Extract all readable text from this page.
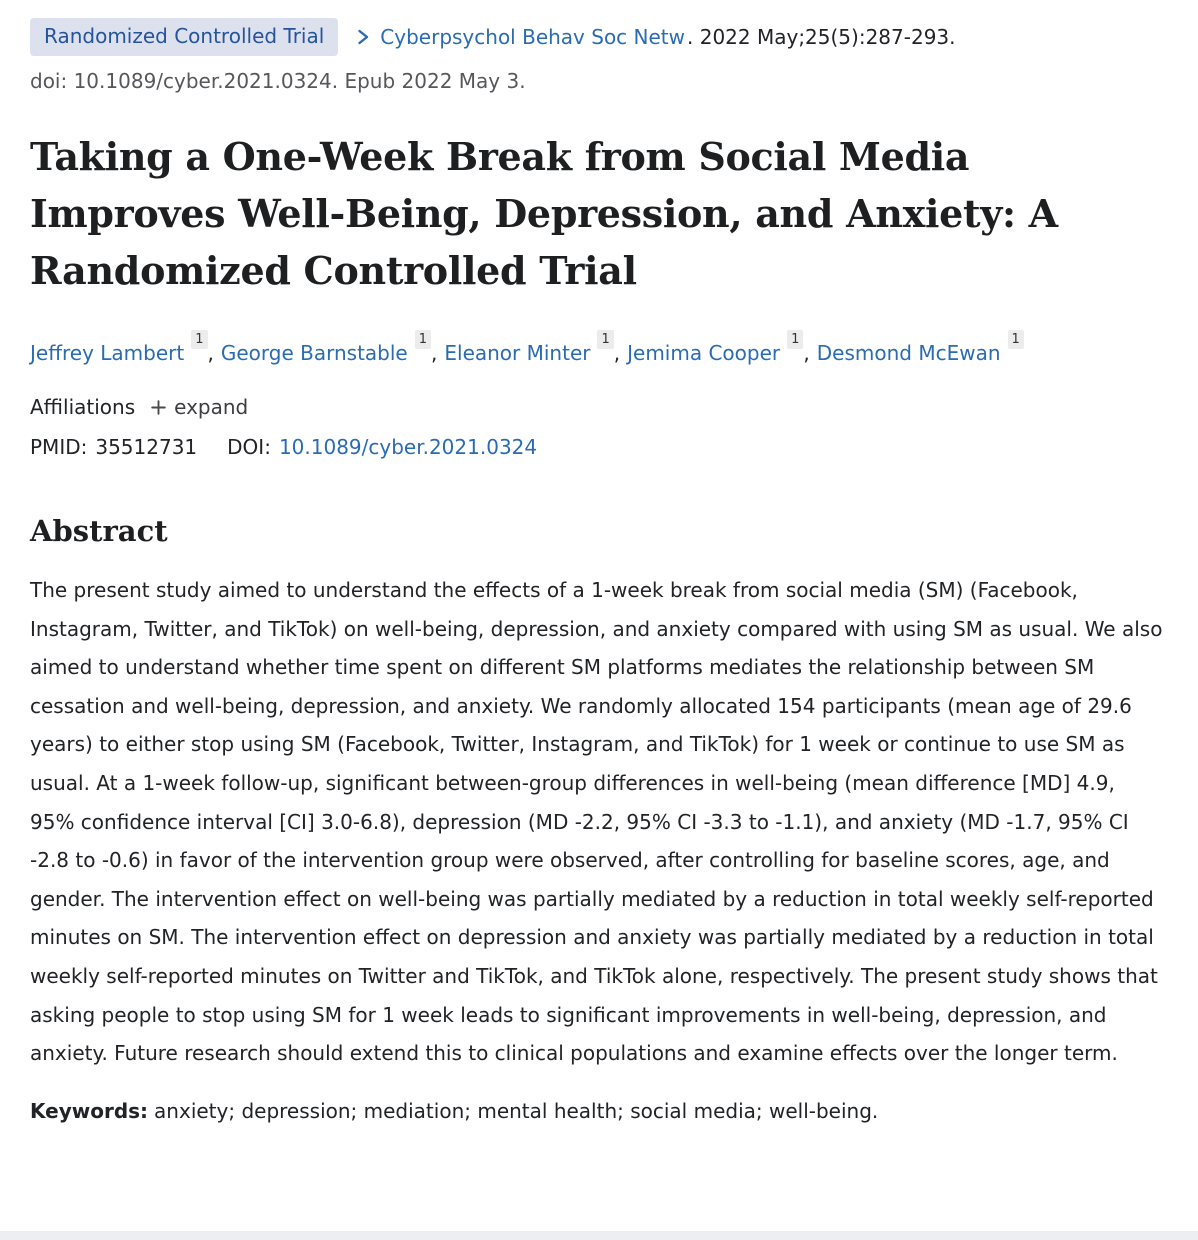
Randomized Controlled Trial	Cyberpsychol Behav Soc Netw . 2022 May;25(5):287-293.
doi: 10.1089/cyber.2021.0324. Epub 2022 May 3.
Taking a One-Week Break from Social Media Improves Well-Being, Depression, and Anxiety: A Randomized Controlled Trial
Jeffrey Lambert$^1$, George Barnstable$^1$, Eleanor Minter$^1$, Jemima Cooper$^1$, Desmond McEwan$^1$
Affiliations expand
PMID: 35512731 DOI: 10.1089/cyber.2021.0324
Abstract

The present study aimed to understand the effects of a 1-week break from social media (SM) (Facebook, Instagram, Twitter, and TikTok) on well-being, depression, and anxiety compared with using SM as usual. We also aimed to understand whether time spent on different SM platforms mediates the relationship between SM cessation and well-being, depression, and anxiety. We randomly allocated 154 participants (mean age of 29.6 years) to either stop using SM (Facebook, Twitter, Instagram, and TikTok) for 1 week or continue to use SM as usual. At a 1-week follow-up, significant between-group differences in well-being (mean difference [MD] 4.9, 95% confidence interval [CI] 3.0-6.8), depression (MD -2.2, 95% CI -3.3 to -1.1), and anxiety (MD -1.7, 95% CI -2.8 to -0.6) in favor of the intervention group were observed, after controlling for baseline scores, age, and gender. The intervention effect on well-being was partially mediated by a reduction in total weekly self-reported minutes on SM. The intervention effect on depression and anxiety was partially mediated by a reduction in total weekly self-reported minutes on Twitter and TikTok, and TikTok alone, respectively. The present study shows that asking people to stop using SM for 1 week leads to significant improvements in well-being, depression, and anxiety. Future research should extend this to clinical populations and examine effects over the longer term.

Keywords: anxiety; depression; mediation; mental health; social media; well-being.
